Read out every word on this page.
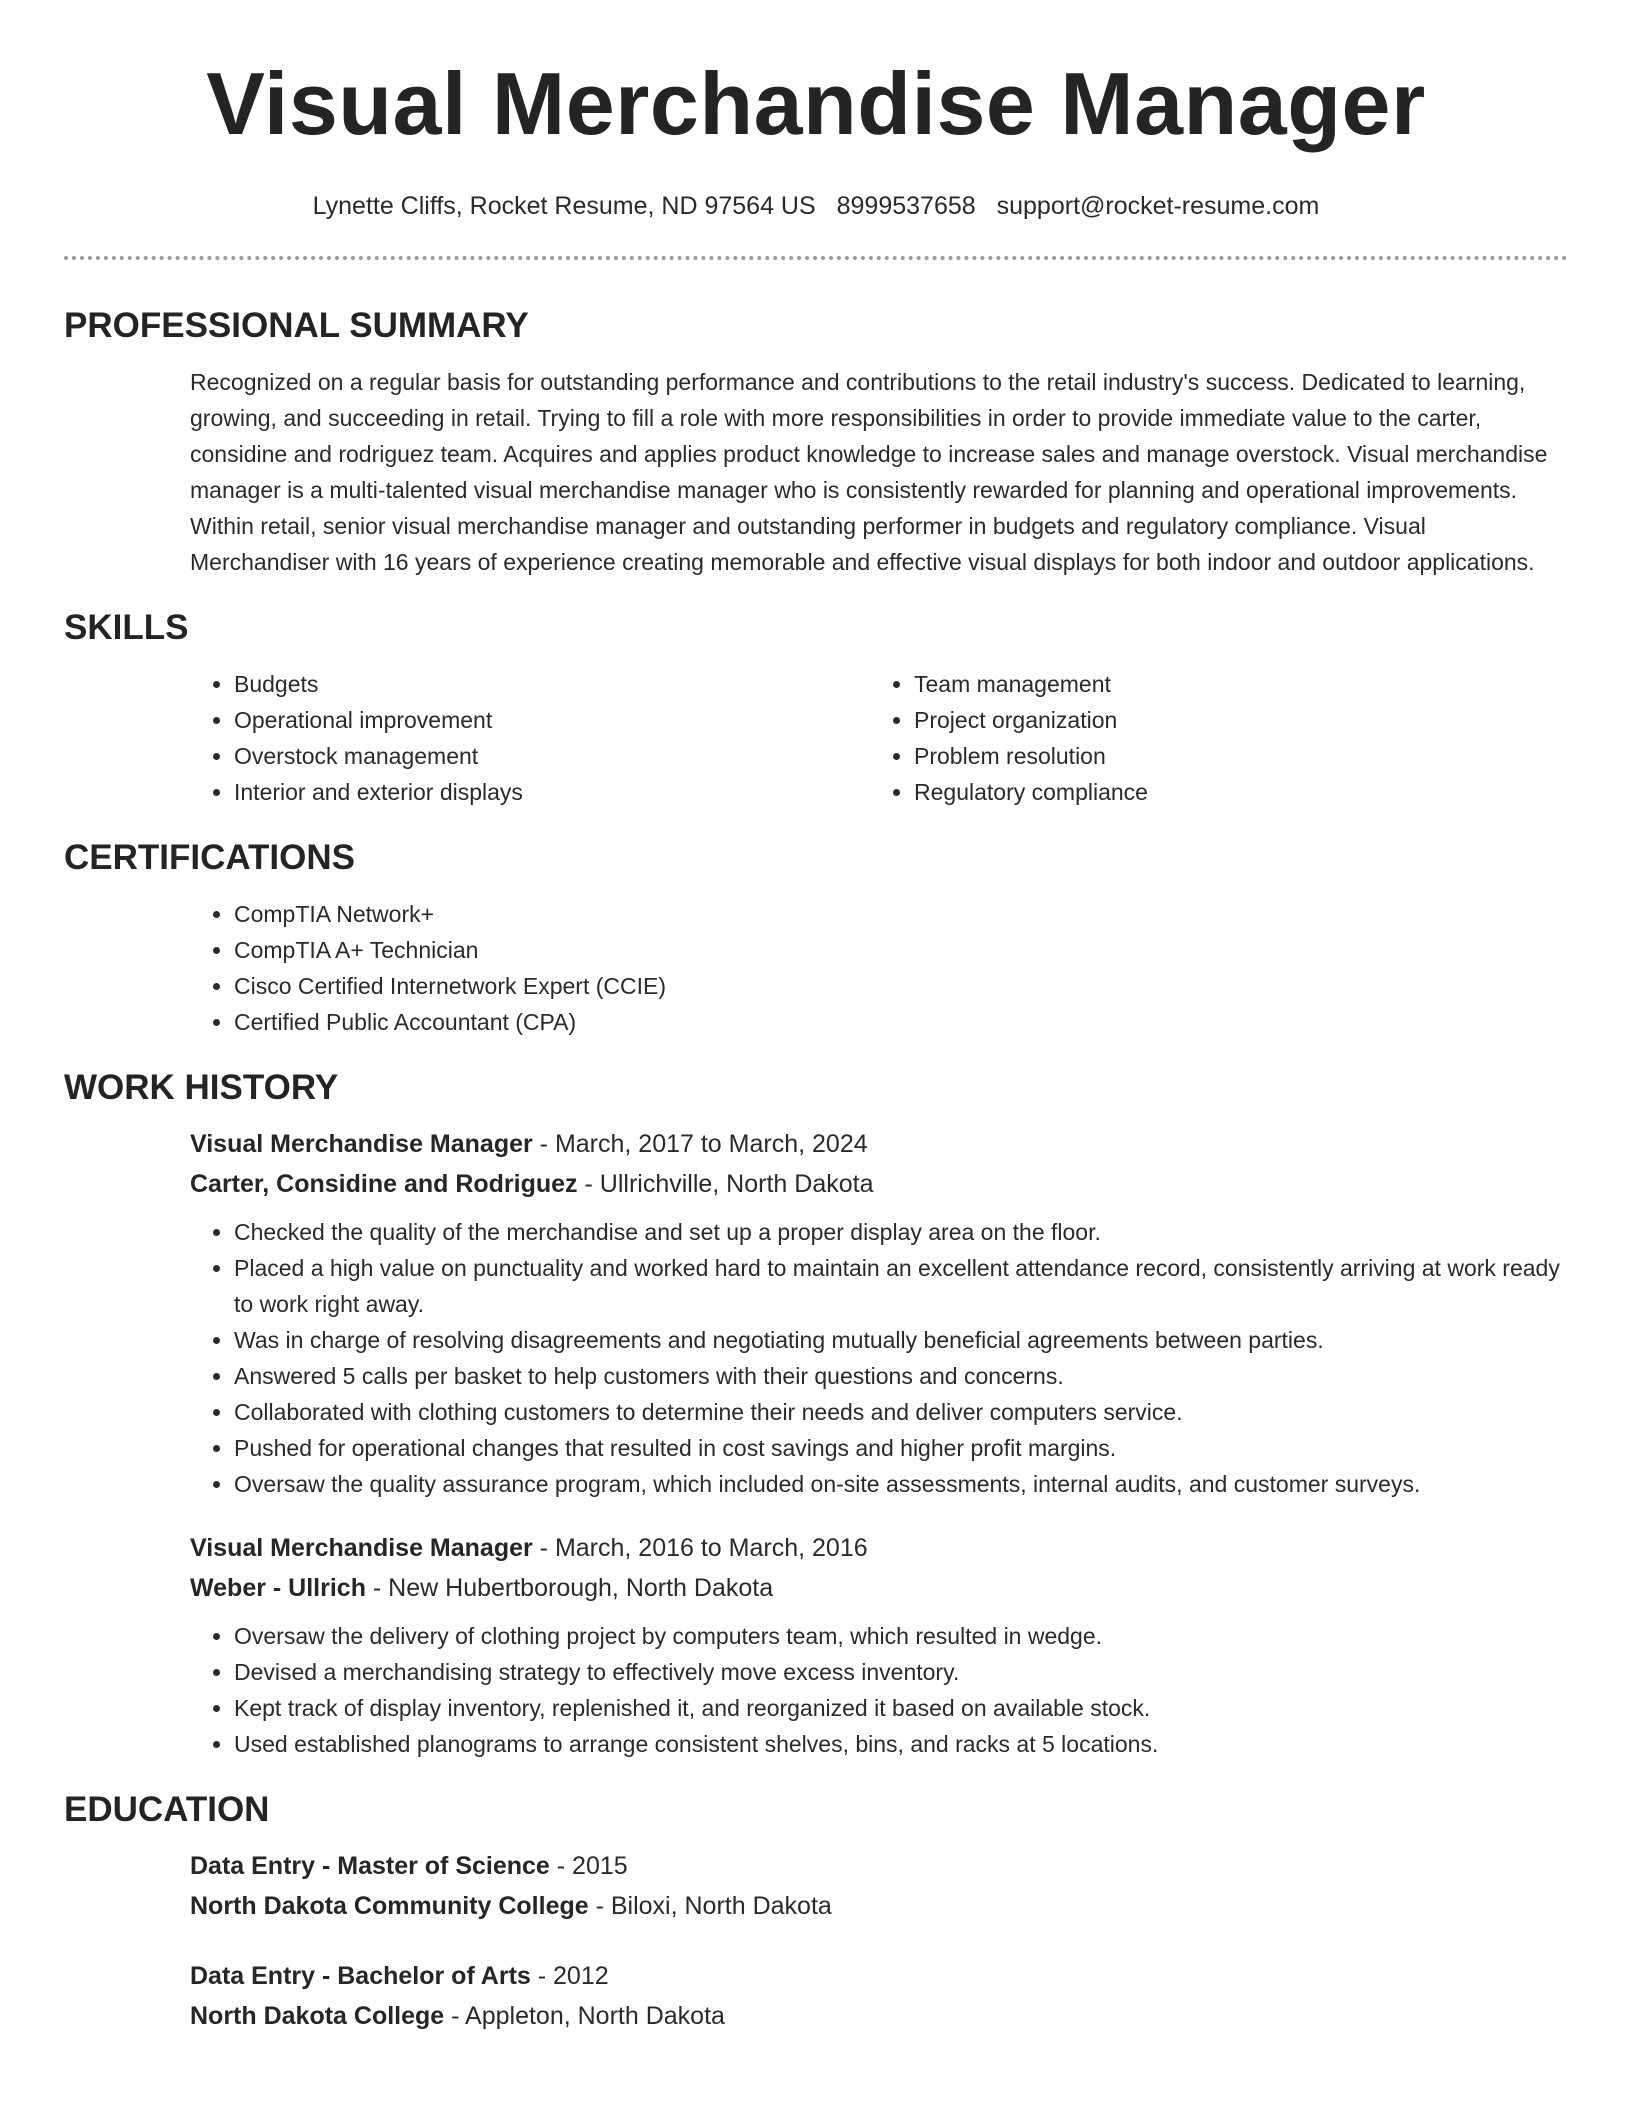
Visual Merchandise Manager
Lynette Cliffs, Rocket Resume, ND 97564 US 8999537658 support@rocket-resume.com
PROFESSIONAL SUMMARY
Recognized on a regular basis for outstanding performance and contributions to the retail industry's success. Dedicated to learning, growing, and succeeding in retail. Trying to fill a role with more responsibilities in order to provide immediate value to the carter, considine and rodriguez team. Acquires and applies product knowledge to increase sales and manage overstock. Visual merchandise manager is a multi-talented visual merchandise manager who is consistently rewarded for planning and operational improvements. Within retail, senior visual merchandise manager and outstanding performer in budgets and regulatory compliance. Visual Merchandiser with 16 years of experience creating memorable and effective visual displays for both indoor and outdoor applications.
SKILLS
• Budgets
• Operational improvement
• Overstock management
• Interior and exterior displays
• Team management
• Project organization
• Problem resolution
• Regulatory compliance
CERTIFICATIONS
• CompTIA Network+
• CompTIA A+ Technician
• Cisco Certified Internetwork Expert (CCIE)
• Certified Public Accountant (CPA)
WORK HISTORY
Visual Merchandise Manager - March, 2017 to March, 2024
Carter, Considine and Rodriguez - Ullrichville, North Dakota
• Checked the quality of the merchandise and set up a proper display area on the floor.
• Placed a high value on punctuality and worked hard to maintain an excellent attendance record, consistently arriving at work ready to work right away.
• Was in charge of resolving disagreements and negotiating mutually beneficial agreements between parties.
• Answered 5 calls per basket to help customers with their questions and concerns.
• Collaborated with clothing customers to determine their needs and deliver computers service.
• Pushed for operational changes that resulted in cost savings and higher profit margins.
• Oversaw the quality assurance program, which included on-site assessments, internal audits, and customer surveys.
Visual Merchandise Manager - March, 2016 to March, 2016
Weber - Ullrich - New Hubertborough, North Dakota
• Oversaw the delivery of clothing project by computers team, which resulted in wedge.
• Devised a merchandising strategy to effectively move excess inventory.
• Kept track of display inventory, replenished it, and reorganized it based on available stock.
• Used established planograms to arrange consistent shelves, bins, and racks at 5 locations.
EDUCATION
Data Entry - Master of Science - 2015
North Dakota Community College - Biloxi, North Dakota
Data Entry - Bachelor of Arts - 2012
North Dakota College - Appleton, North Dakota
